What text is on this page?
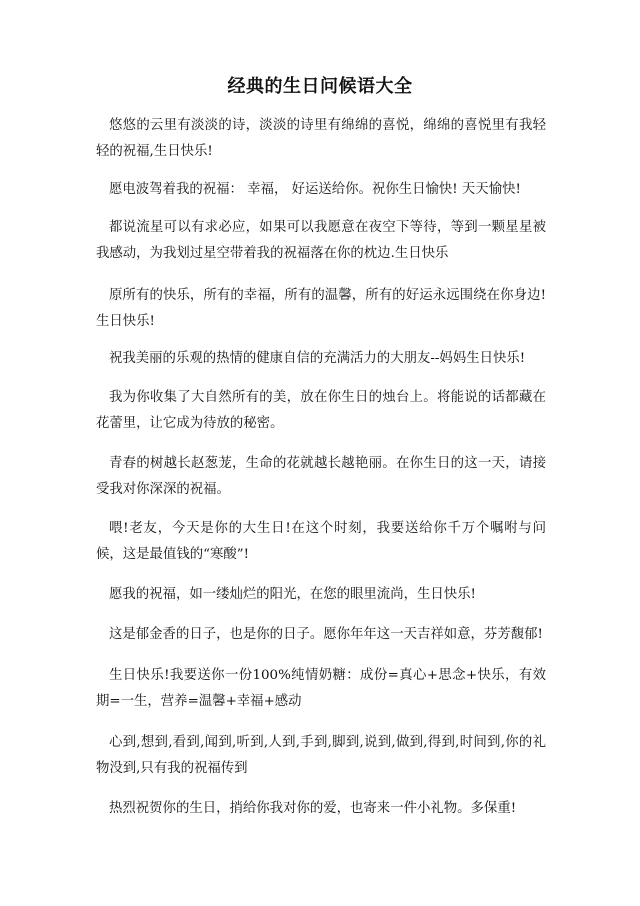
经典的生日问候语大全

悠悠的云里有淡淡的诗，淡淡的诗里有绵绵的喜悦，绵绵的喜悦里有我轻轻的祝福,生日快乐!

愿电波驾着我的祝福： 幸福， 好运送给你。祝你生日愉快! 天天愉快!

都说流星可以有求必应，如果可以我愿意在夜空下等待，等到一颗星星被我感动，为我划过星空带着我的祝福落在你的枕边.生日快乐

原所有的快乐，所有的幸福，所有的温馨，所有的好运永远围绕在你身边!生日快乐!

祝我美丽的乐观的热情的健康自信的充满活力的大朋友--妈妈生日快乐!

我为你收集了大自然所有的美，放在你生日的烛台上。将能说的话都藏在花蕾里，让它成为待放的秘密。

青春的树越长赵葱茏，生命的花就越长越艳丽。在你生日的这一天，请接受我对你深深的祝福。

喂!老友，今天是你的大生日!在这个时刻，我要送给你千万个嘱咐与问候，这是最值钱的“寒酸”!

愿我的祝福，如一缕灿烂的阳光，在您的眼里流尚，生日快乐!

这是郁金香的日子，也是你的日子。愿你年年这一天吉祥如意，芬芳馥郁!

生日快乐!我要送你一份100%纯情奶糖：成份=真心+思念+快乐，有效期=一生，营养=温馨+幸福+感动

心到,想到,看到,闻到,听到,人到,手到,脚到,说到,做到,得到,时间到,你的礼物没到,只有我的祝福传到

热烈祝贺你的生日，捎给你我对你的爱，也寄来一件小礼物。多保重!
